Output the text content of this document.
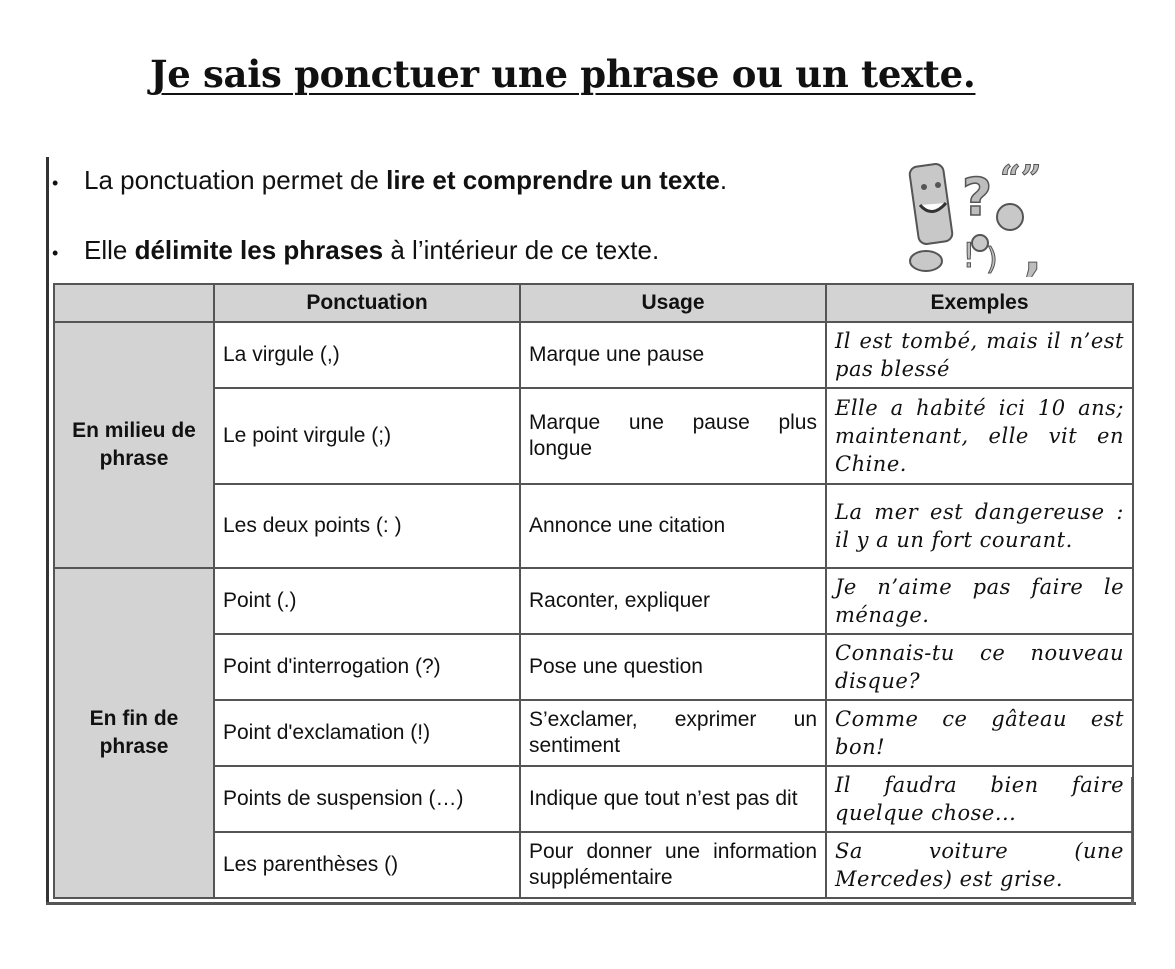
Je sais ponctuer une phrase ou un texte.
• La ponctuation permet de lire et comprendre un texte.
• Elle délimite les phrases à l’intérieur de ce texte.
? “”
! ) ,
	Ponctuation	Usage	Exemples
En milieu de phrase	La virgule (,)	Marque une pause	Il est tombé, mais il n’est pas blessé
	Le point virgule (;)	Marque une pause plus longue	Elle a habité ici 10 ans; maintenant, elle vit en Chine.
	Les deux points (: )	Annonce une citation	La mer est dangereuse : il y a un fort courant.
En fin de phrase	Point (.)	Raconter, expliquer	Je n’aime pas faire le ménage.
	Point d'interrogation (?)	Pose une question	Connais-tu ce nouveau disque?
	Point d'exclamation (!)	S’exclamer, exprimer un sentiment	Comme ce gâteau est bon!
	Points de suspension (…)	Indique que tout n’est pas dit	Il faudra bien faire quelque chose...
	Les parenthèses ()	Pour donner une information supplémentaire	Sa voiture (une Mercedes) est grise.
